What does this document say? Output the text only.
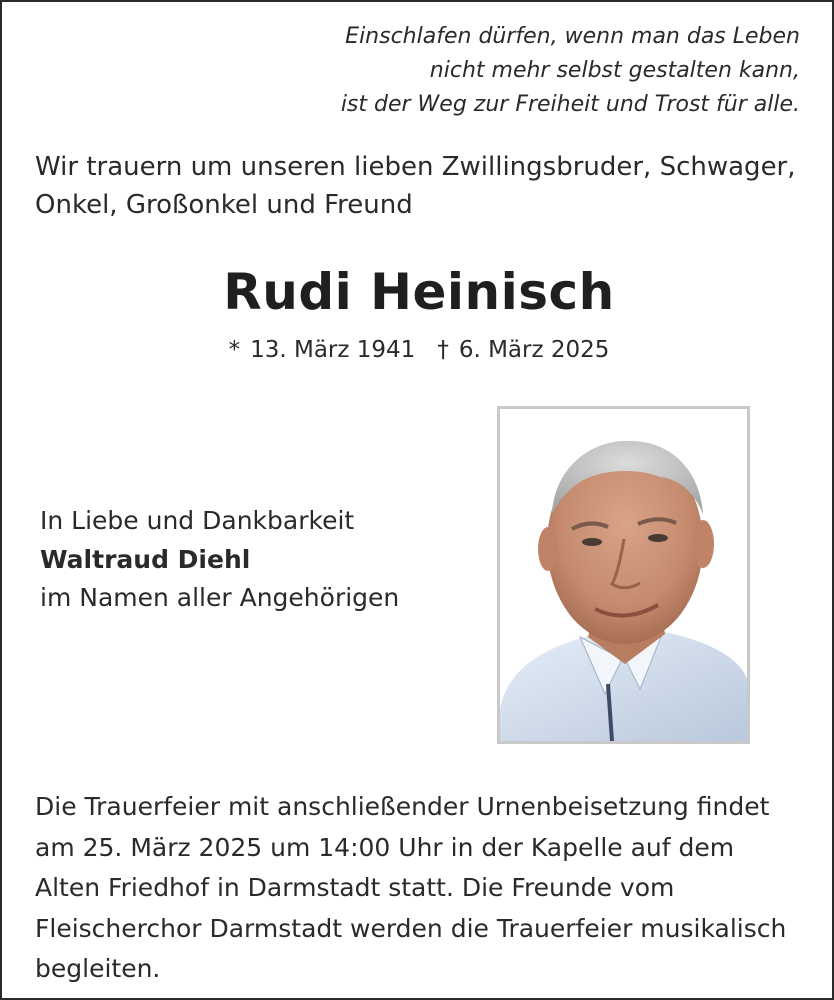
Einschlafen dürfen, wenn man das Leben
nicht mehr selbst gestalten kann,
ist der Weg zur Freiheit und Trost für alle.
Wir trauern um unseren lieben Zwillingsbruder, Schwager,
Onkel, Großonkel und Freund
Rudi Heinisch
* 13. März 1941 † 6. März 2025
In Liebe und Dankbarkeit
Waltraud Diehl
im Namen aller Angehörigen
Die Trauerfeier mit anschließender Urnenbeisetzung findet
am 25. März 2025 um 14:00 Uhr in der Kapelle auf dem
Alten Friedhof in Darmstadt statt. Die Freunde vom
Fleischerchor Darmstadt werden die Trauerfeier musikalisch
begleiten.
